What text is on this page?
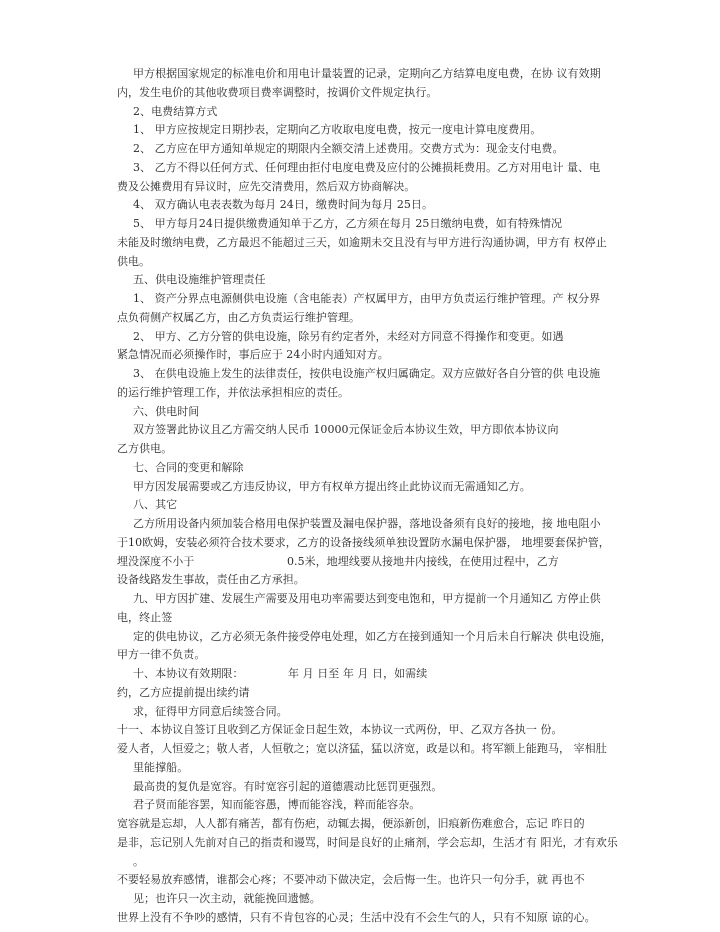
甲方根据国家规定的标准电价和用电计量装置的记录，定期向乙方结算电度电费，在协 议有效期
内，发生电价的其他收费项目费率调整时，按调价文件规定执行。
2、电费结算方式
1、 甲方应按规定日期抄表，定期向乙方收取电度电费，按元一度电计算电度费用。
2、 乙方应在甲方通知单规定的期限内全额交清上述费用。交费方式为：现金支付电费。
3、 乙方不得以任何方式、任何理由拒付电度电费及应付的公摊损耗费用。乙方对用电计 量、电
费及公摊费用有异议时，应先交清费用，然后双方协商解决。
4、 双方确认电表表数为每月 24日，缴费时间为每月 25日。
5、 甲方每月24日提供缴费通知单于乙方，乙方须在每月 25日缴纳电费，如有特殊情况
未能及时缴纳电费，乙方最迟不能超过三天，如逾期未交且没有与甲方进行沟通协调，甲方有 权停止
供电。
五、供电设施维护管理责任
1、 资产分界点电源侧供电设施（含电能表）产权属甲方，由甲方负责运行维护管理。产 权分界
点负荷侧产权属乙方，由乙方负责运行维护管理。
2、 甲方、乙方分管的供电设施，除另有约定者外，未经对方同意不得操作和变更。如遇
紧急情况而必须操作时，事后应于 24小时内通知对方。
3、 在供电设施上发生的法律责任，按供电设施产权归属确定。双方应做好各自分管的供 电设施
的运行维护管理工作，并依法承担相应的责任。
六、供电时间
双方签署此协议且乙方需交纳人民币 10000元保证金后本协议生效，甲方即依本协议向
乙方供电。
七、合同的变更和解除
甲方因发展需要或乙方违反协议，甲方有权单方提出终止此协议而无需通知乙方。
八、其它
乙方所用设备内须加装合格用电保护装置及漏电保护器，落地设备须有良好的接地，接 地电阻小
于10欧姆，安装必须符合技术要求，乙方的设备接线须单独设置防水漏电保护器， 地埋要套保护管，
埋没深度不小于	0.5米，地埋线要从接地井内接线，在使用过程中，乙方
设备线路发生事故，责任由乙方承担。
九、甲方因扩建、发展生产需要及用电功率需要达到变电饱和，甲方提前一个月通知乙 方停止供
电，终止签
定的供电协议，乙方必须无条件接受停电处理，如乙方在接到通知一个月后未自行解决 供电设施，
甲方一律不负责。
十、本协议有效期限：	年 月 日至 年 月 日，如需续
约，乙方应提前提出续约请
求，征得甲方同意后续签合同。
十一、本协议自签订且收到乙方保证金日起生效，本协议一式两份，甲、乙双方各执一 份。
爱人者，人恒爱之；敬人者，人恒敬之；宽以济猛，猛以济宽，政是以和。将军额上能跑马， 宰相肚
里能撑船。
最高贵的复仇是宽容。有时宽容引起的道德震动比惩罚更强烈。
君子贤而能容罢，知而能容愚，博而能容浅，粹而能容杂。
宽容就是忘却，人人都有痛苦，都有伤疤，动辄去揭，便添新创，旧痕新伤难愈合，忘记 昨日的
是非，忘记别人先前对自己的指责和谩骂，时间是良好的止痛剂，学会忘却，生活才有 阳光，才有欢乐
。
不要轻易放弃感情，谁都会心疼；不要冲动下做决定，会后悔一生。也许只一句分手，就 再也不
见；也许只一次主动，就能挽回遗憾。
世界上没有不争吵的感情，只有不肯包容的心灵；生活中没有不会生气的人，只有不知原 谅的心。
